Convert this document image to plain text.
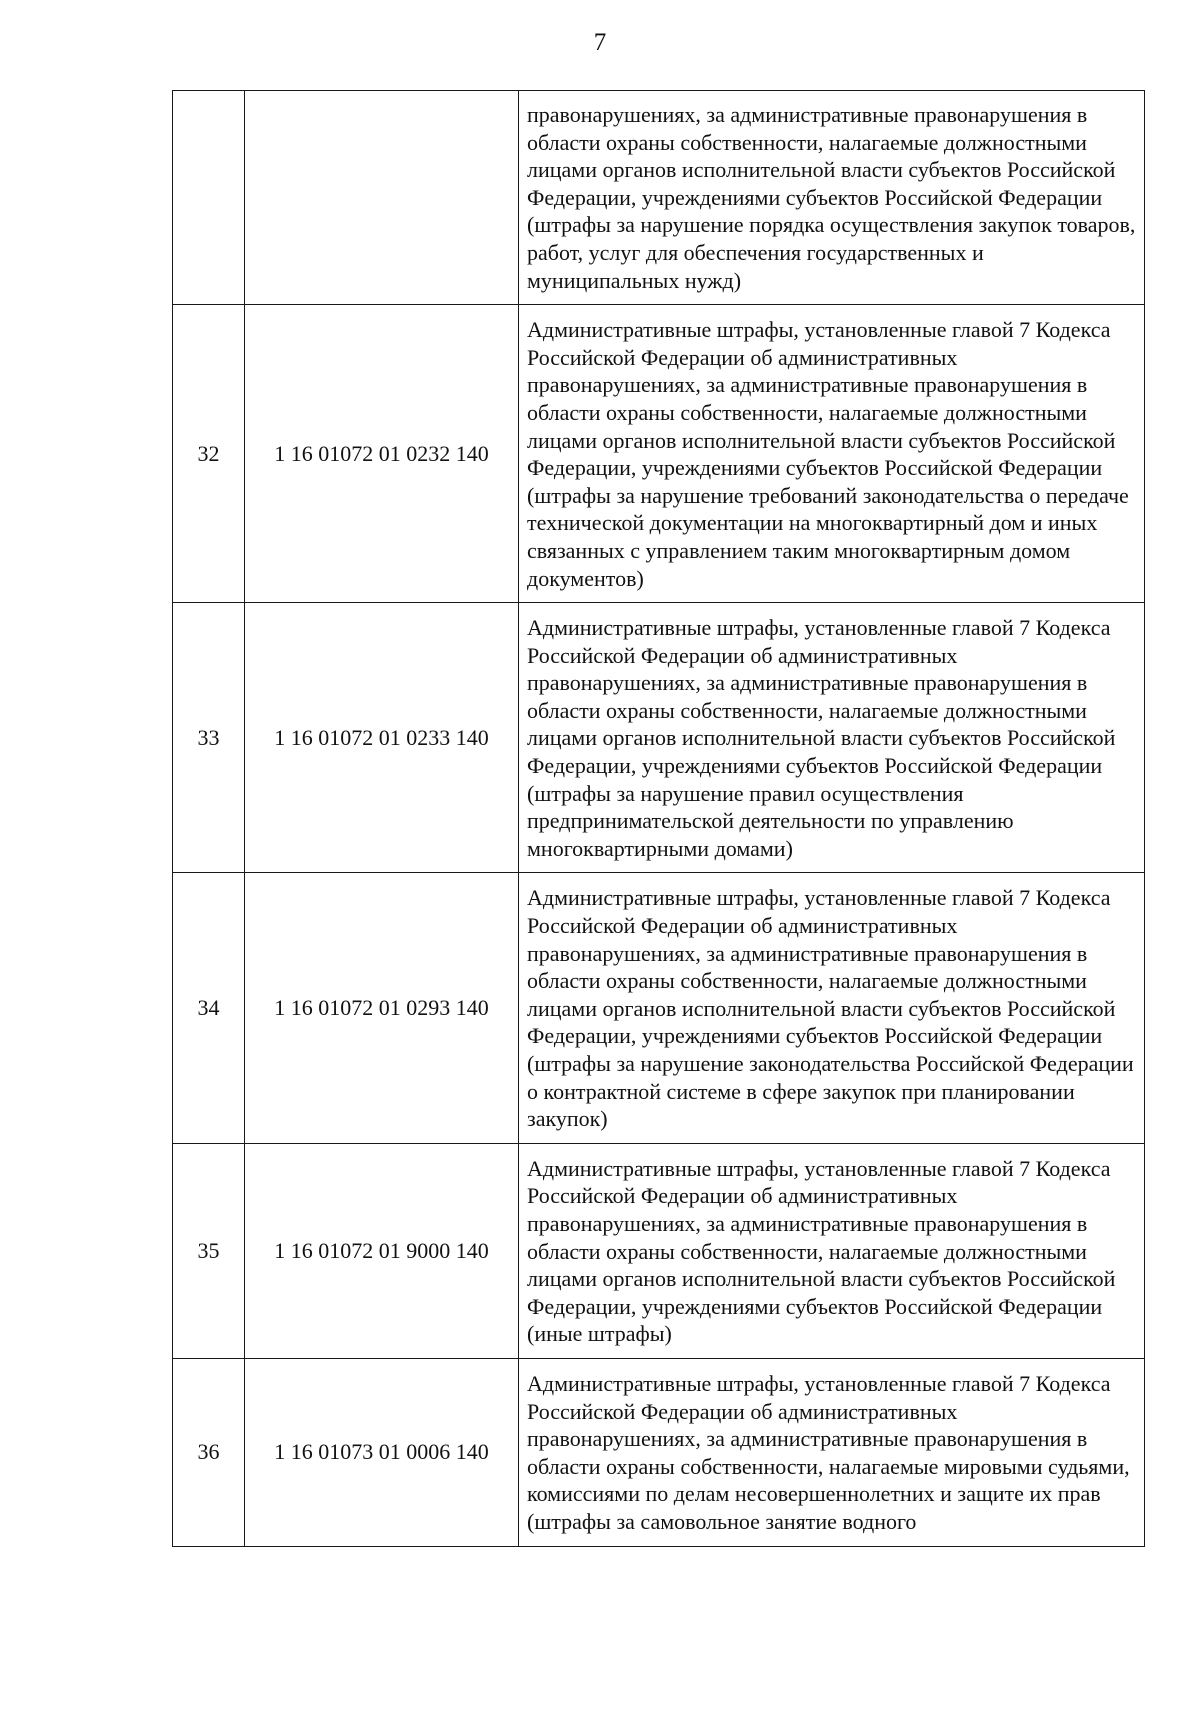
7
		правонарушениях, за административные правонарушения в области охраны собственности, налагаемые должностными лицами органов исполнительной власти субъектов Российской Федерации, учреждениями субъектов Российской Федерации (штрафы за нарушение порядка осуществления закупок товаров, работ, услуг для обеспечения государственных и муниципальных нужд)
32	1 16 01072 01 0232 140	Административные штрафы, установленные главой 7 Кодекса Российской Федерации об административных правонарушениях, за административные правонарушения в области охраны собственности, налагаемые должностными лицами органов исполнительной власти субъектов Российской Федерации, учреждениями субъектов Российской Федерации (штрафы за нарушение требований законодательства о передаче технической документации на многоквартирный дом и иных связанных с управлением таким многоквартирным домом документов)
33	1 16 01072 01 0233 140	Административные штрафы, установленные главой 7 Кодекса Российской Федерации об административных правонарушениях, за административные правонарушения в области охраны собственности, налагаемые должностными лицами органов исполнительной власти субъектов Российской Федерации, учреждениями субъектов Российской Федерации (штрафы за нарушение правил осуществления предпринимательской деятельности по управлению многоквартирными домами)
34	1 16 01072 01 0293 140	Административные штрафы, установленные главой 7 Кодекса Российской Федерации об административных правонарушениях, за административные правонарушения в области охраны собственности, налагаемые должностными лицами органов исполнительной власти субъектов Российской Федерации, учреждениями субъектов Российской Федерации (штрафы за нарушение законодательства Российской Федерации о контрактной системе в сфере закупок при планировании закупок)
35	1 16 01072 01 9000 140	Административные штрафы, установленные главой 7 Кодекса Российской Федерации об административных правонарушениях, за административные правонарушения в области охраны собственности, налагаемые должностными лицами органов исполнительной власти субъектов Российской Федерации, учреждениями субъектов Российской Федерации (иные штрафы)
36	1 16 01073 01 0006 140	Административные штрафы, установленные главой 7 Кодекса Российской Федерации об административных правонарушениях, за административные правонарушения в области охраны собственности, налагаемые мировыми судьями, комиссиями по делам несовершеннолетних и защите их прав (штрафы за самовольное занятие водного
